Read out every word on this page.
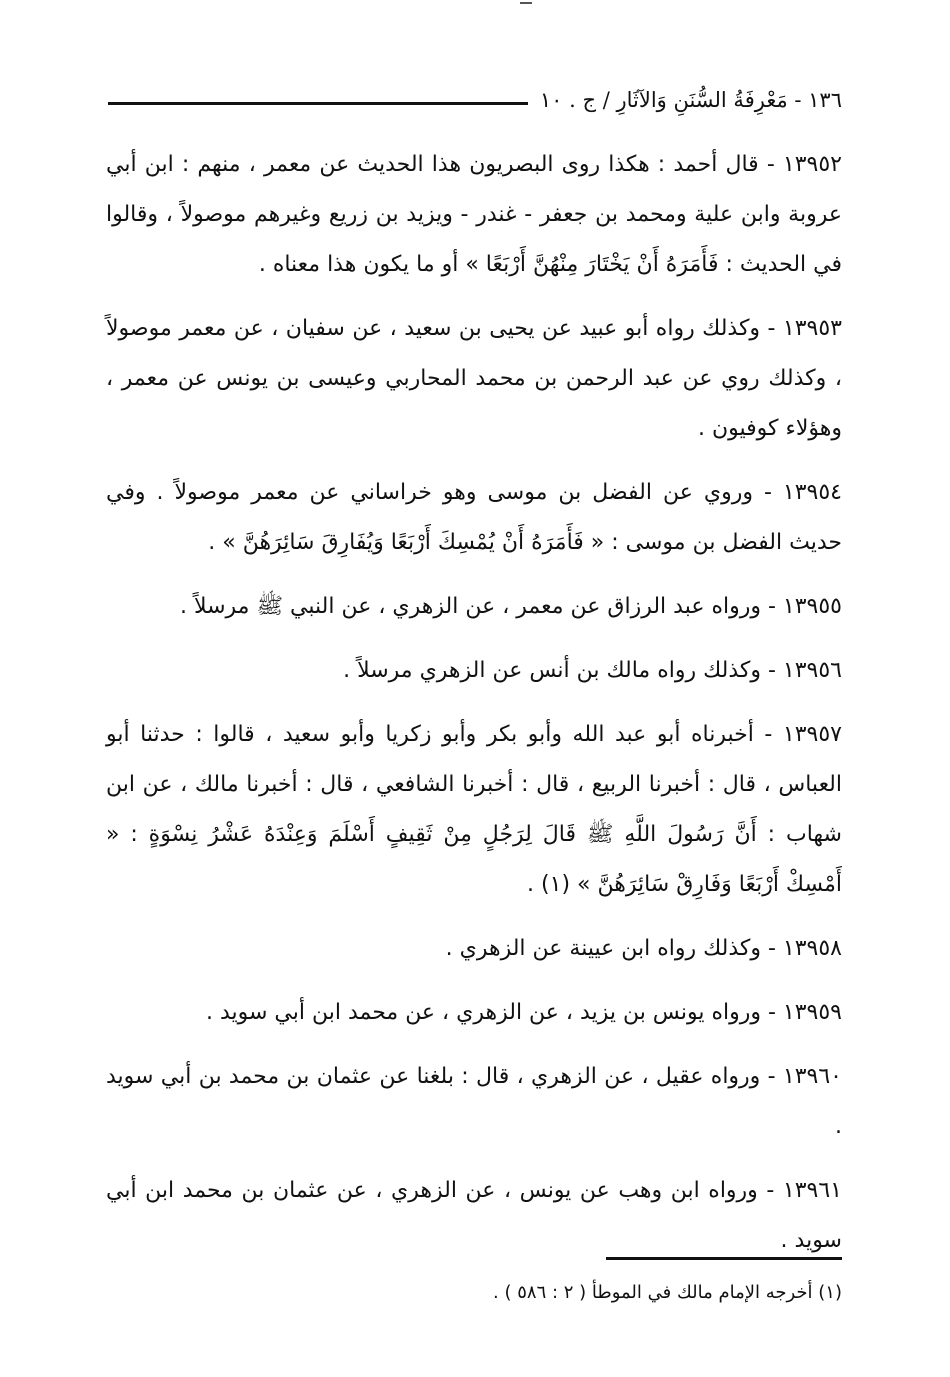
١٣٦ - مَعْرِفَةُ السُّنَنِ وَالآثَارِ / ج . ١٠

١٣٩٥٢ - قال أحمد : هكذا روى البصريون هذا الحديث عن معمر ، منهم : ابن أبي عروبة وابن علية ومحمد بن جعفر - غندر - ويزيد بن زريع وغيرهم موصولاً ، وقالوا في الحديث : فَأَمَرَهُ أَنْ يَخْتَارَ مِنْهُنَّ أَرْبَعًا » أو ما يكون هذا معناه .

١٣٩٥٣ - وكذلك رواه أبو عبيد عن يحيى بن سعيد ، عن سفيان ، عن معمر موصولاً ، وكذلك روي عن عبد الرحمن بن محمد المحاربي وعيسى بن يونس عن معمر ، وهؤلاء كوفيون .

١٣٩٥٤ - وروي عن الفضل بن موسى وهو خراساني عن معمر موصولاً . وفي حديث الفضل بن موسى : « فَأَمَرَهُ أَنْ يُمْسِكَ أَرْبَعًا وَيُفَارِقَ سَائِرَهُنَّ » .

١٣٩٥٥ - ورواه عبد الرزاق عن معمر ، عن الزهري ، عن النبي ﷺ مرسلاً .

١٣٩٥٦ - وكذلك رواه مالك بن أنس عن الزهري مرسلاً .

١٣٩٥٧ - أخبرناه أبو عبد الله وأبو بكر وأبو زكريا وأبو سعيد ، قالوا : حدثنا أبو العباس ، قال : أخبرنا الربيع ، قال : أخبرنا الشافعي ، قال : أخبرنا مالك ، عن ابن شهاب : أَنَّ رَسُولَ اللَّهِ ﷺ قَالَ لِرَجُلٍ مِنْ ثَقِيفٍ أَسْلَمَ وَعِنْدَهُ عَشْرُ نِسْوَةٍ : « أَمْسِكْ أَرْبَعًا وَفَارِقْ سَائِرَهُنَّ » (١) .

١٣٩٥٨ - وكذلك رواه ابن عيينة عن الزهري .

١٣٩٥٩ - ورواه يونس بن يزيد ، عن الزهري ، عن محمد ابن أبي سويد .

١٣٩٦٠ - ورواه عقيل ، عن الزهري ، قال : بلغنا عن عثمان بن محمد بن أبي سويد .

١٣٩٦١ - ورواه ابن وهب عن يونس ، عن الزهري ، عن عثمان بن محمد ابن أبي سويد .

(١) أخرجه الإمام مالك في الموطأ ( ٢ : ٥٨٦ ) .
